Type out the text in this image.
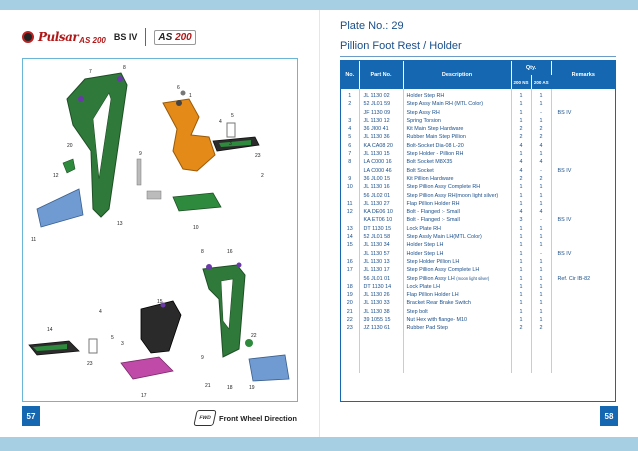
Pulsar AS 200 BS IV	AS 200
7
8
6
1
5
4
3
20
12
9	23
2
13
11
10
8	16
4
15
14
3
5
23
22
9
21	18	19
17
57	FWD	Front Wheel Direction
Plate No.: 29
Pillion Foot Rest / Holder
No.	Part No.	Description	Qty.		Remarks
			200 NS	200 AS	
1	JL 1130 02	Holder Step RH	1	1	
2	52 JL01 59	Step Assy Main RH (MTL Color)	1	1	
	JF 1130 09	Step Assy RH	1	-	BS IV
3	JL 1130 12	Spring Torsion	1	1	
4	36 JI00 41	Kit Main Step Hardware	2	2	
5	JL 1130 36	Rubber Main Step Pillion	2	2	
6	KA CA08 20	Bolt-Socket Dia-08 L-20	4	4	
7	JL 1130 15	Step Holder - Pillion RH	1	1	
8	LA C000 16	Bolt Socket M8X35	4	4	
	LA C000 46	Bolt Socket	4	-	BS IV
9	36 JL00 15	Kit Pillion Hardware	2	2	
10	JL 1130 16	Step Pillion Assy Complete RH	1	1	
	56 JL02 01	Step Pillion Assy RH(moon light silver)	1	1	
11	JL 1130 27	Flap Pillion Holder RH	1	1	
12	KA DE06 10	Bolt - Flanged :- Small	4	4	
	KA ET06 10	Bolt - Flanged :- Small	3	-	BS IV
13	DT 1130 15	Lock Plate RH	1	1	
14	52 JL01 58	Step Assly Main LH(MTL Color)	1	1	
15	JL 1130 34	Holder Step LH	1	1	
	JL 1130 57	Holder Step LH	1	-	BS IV
16	JL 1130 13	Step Holder Pillion LH	1	1	
17	JL 1130 17	Step Pillion Assy Complete LH	1	1	
	56 JL01 01	Step Pillion Assy LH (moon light silver)	1	1	Ref. Cir IB-82
18	DT 1130 14	Lock Plate LH	1	1	
19	JL 1130 26	Flap Pillion Holder LH	1	1	
20	JL 1130 33	Bracket Rear Brake Switch	1	1	
21	JL 1130 38	Step bolt	1	1	
22	39 1055 15	Nut Hex with flange- M10	1	1	
23	JZ 1130 61	Rubber Pad Step	2	2	

58
